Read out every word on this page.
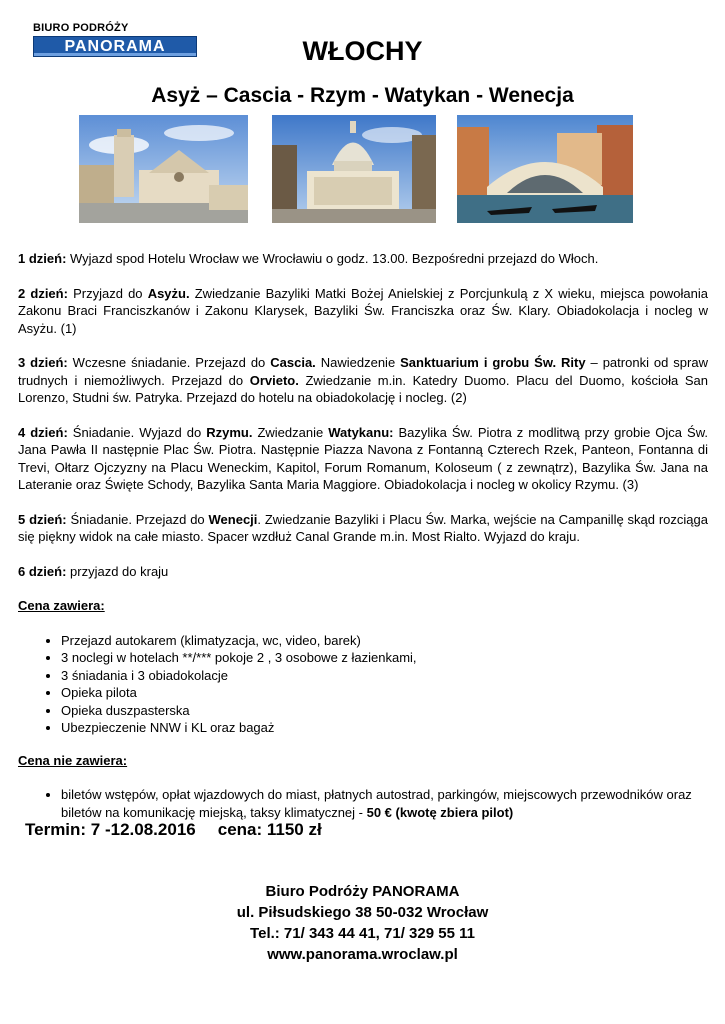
BIURO PODRÓŻY
PANORAMA	WŁOCHY
Asyż – Cascia - Rzym - Watykan - Wenecja

1 dzień: Wyjazd spod Hotelu Wrocław we Wrocławiu o godz. 13.00. Bezpośredni przejazd do Włoch.

2 dzień: Przyjazd do Asyżu. Zwiedzanie Bazyliki Matki Bożej Anielskiej z Porcjunkulą z X wieku, miejsca powołania Zakonu Braci Franciszkanów i Zakonu Klarysek, Bazyliki Św. Franciszka oraz Św. Klary. Obiadokolacja i nocleg w Asyżu. (1)

3 dzień: Wczesne śniadanie. Przejazd do Cascia. Nawiedzenie Sanktuarium i grobu Św. Rity – patronki od spraw trudnych i niemożliwych. Przejazd do Orvieto. Zwiedzanie m.in. Katedry Duomo. Placu del Duomo, kościoła San Lorenzo, Studni św. Patryka. Przejazd do hotelu na obiadokolację i nocleg. (2)

4 dzień: Śniadanie. Wyjazd do Rzymu. Zwiedzanie Watykanu: Bazylika Św. Piotra z modlitwą przy grobie Ojca Św. Jana Pawła II następnie Plac Św. Piotra. Następnie Piazza Navona z Fontanną Czterech Rzek, Panteon, Fontanna di Trevi, Ołtarz Ojczyzny na Placu Weneckim, Kapitol, Forum Romanum, Koloseum ( z zewnątrz), Bazylika Św. Jana na Lateranie oraz Święte Schody, Bazylika Santa Maria Maggiore. Obiadokolacja i nocleg w okolicy Rzymu. (3)

5 dzień: Śniadanie. Przejazd do Wenecji. Zwiedzanie Bazyliki i Placu Św. Marka, wejście na Campanillę skąd rozciąga się piękny widok na całe miasto. Spacer wzdłuż Canal Grande m.in. Most Rialto. Wyjazd do kraju.

6 dzień: przyjazd do kraju

Cena zawiera:

• Przejazd autokarem (klimatyzacja, wc, video, barek)
• 3 noclegi w hotelach **/*** pokoje 2 , 3 osobowe z łazienkami,
• 3 śniadania i 3 obiadokolacje
• Opieka pilota
• Opieka duszpasterska
• Ubezpieczenie NNW i KL oraz bagaż

Cena nie zawiera:

• biletów wstępów, opłat wjazdowych do miast, płatnych autostrad, parkingów, miejscowych przewodników oraz biletów na komunikację miejską, taksy klimatycznej - 50 € (kwotę zbiera pilot)
Termin: 7 -12.08.2016 cena: 1150 zł
Biuro Podróży PANORAMA
ul. Piłsudskiego 38 50-032 Wrocław
Tel.: 71/ 343 44 41, 71/ 329 55 11
www.panorama.wroclaw.pl
